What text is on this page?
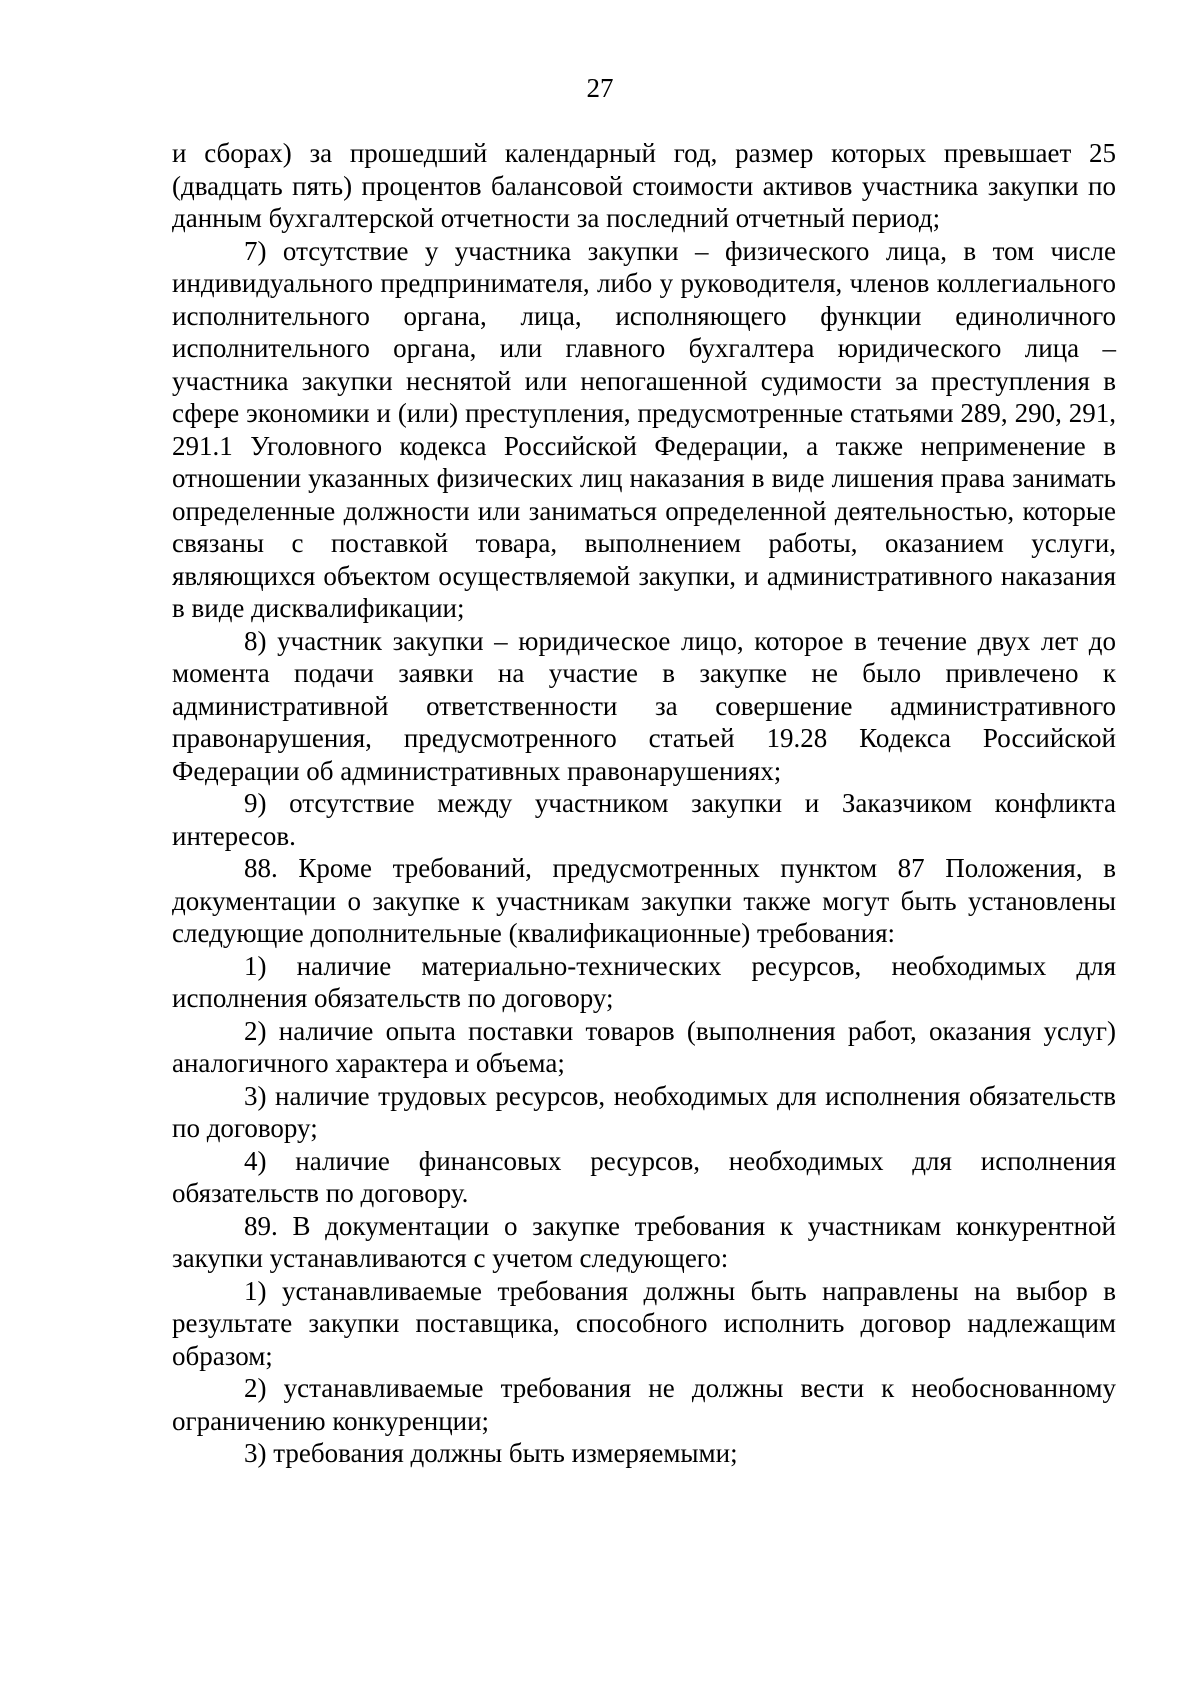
27

и сборах) за прошедший календарный год, размер которых превышает 25 (двадцать пять) процентов балансовой стоимости активов участника закупки по данным бухгалтерской отчетности за последний отчетный период;

7) отсутствие у участника закупки – физического лица, в том числе индивидуального предпринимателя, либо у руководителя, членов коллегиального исполнительного органа, лица, исполняющего функции единоличного исполнительного органа, или главного бухгалтера юридического лица – участника закупки неснятой или непогашенной судимости за преступления в сфере экономики и (или) преступления, предусмотренные статьями 289, 290, 291, 291.1 Уголовного кодекса Российской Федерации, а также неприменение в отношении указанных физических лиц наказания в виде лишения права занимать определенные должности или заниматься определенной деятельностью, которые связаны с поставкой товара, выполнением работы, оказанием услуги, являющихся объектом осуществляемой закупки, и административного наказания в виде дисквалификации;

8) участник закупки – юридическое лицо, которое в течение двух лет до момента подачи заявки на участие в закупке не было привлечено к административной ответственности за совершение административного правонарушения, предусмотренного статьей 19.28 Кодекса Российской Федерации об административных правонарушениях;

9) отсутствие между участником закупки и Заказчиком конфликта интересов.

88. Кроме требований, предусмотренных пунктом 87 Положения, в документации о закупке к участникам закупки также могут быть установлены следующие дополнительные (квалификационные) требования:

1) наличие материально-технических ресурсов, необходимых для исполнения обязательств по договору;

2) наличие опыта поставки товаров (выполнения работ, оказания услуг) аналогичного характера и объема;

3) наличие трудовых ресурсов, необходимых для исполнения обязательств по договору;

4) наличие финансовых ресурсов, необходимых для исполнения обязательств по договору.

89. В документации о закупке требования к участникам конкурентной закупки устанавливаются с учетом следующего:

1) устанавливаемые требования должны быть направлены на выбор в результате закупки поставщика, способного исполнить договор надлежащим образом;

2) устанавливаемые требования не должны вести к необоснованному ограничению конкуренции;

3) требования должны быть измеряемыми;
